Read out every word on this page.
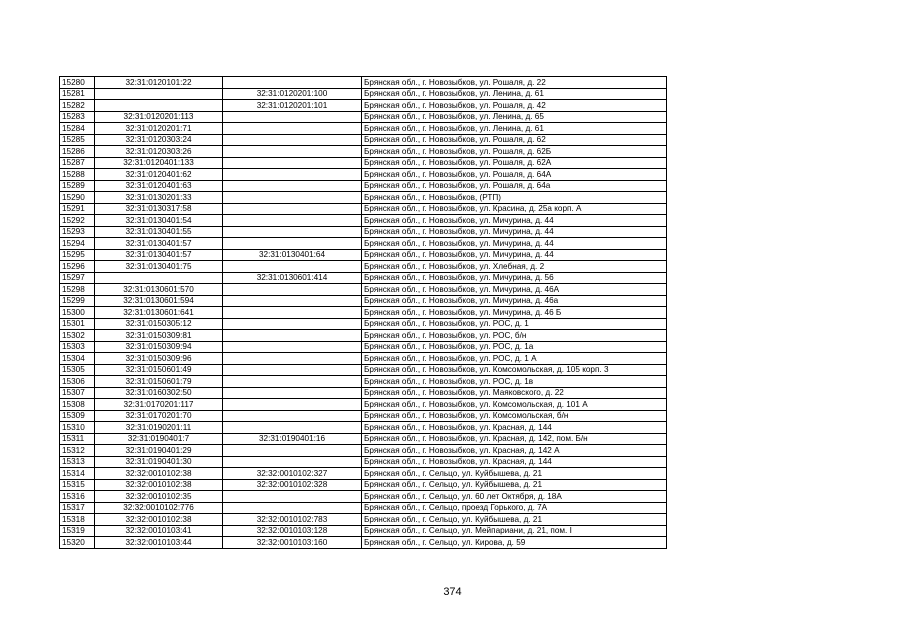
15280	32:31:0120101:22		Брянская обл., г. Новозыбков, ул. Рошаля, д. 22
15281		32:31:0120201:100	Брянская обл., г. Новозыбков, ул. Ленина, д. 61
15282		32:31:0120201:101	Брянская обл., г. Новозыбков, ул. Рошаля, д. 42
15283	32:31:0120201:113		Брянская обл., г. Новозыбков, ул. Ленина, д. 65
15284	32:31:0120201:71		Брянская обл., г. Новозыбков, ул. Ленина, д. 61
15285	32:31:0120303:24		Брянская обл., г. Новозыбков, ул. Рошаля, д. 62
15286	32:31:0120303:26		Брянская обл., г. Новозыбков, ул. Рошаля, д. 62Б
15287	32:31:0120401:133		Брянская обл., г. Новозыбков, ул. Рошаля, д. 62А
15288	32:31:0120401:62		Брянская обл., г. Новозыбков, ул. Рошаля, д. 64А
15289	32:31:0120401:63		Брянская обл., г. Новозыбков, ул. Рошаля, д. 64а
15290	32:31:0130201:33		Брянская обл., г. Новозыбков, (РТП)
15291	32:31:0130317:58		Брянская обл., г. Новозыбков, ул. Красина, д. 25а корп. А
15292	32:31:0130401:54		Брянская обл., г. Новозыбков, ул. Мичурина, д. 44
15293	32:31:0130401:55		Брянская обл., г. Новозыбков, ул. Мичурина, д. 44
15294	32:31:0130401:57		Брянская обл., г. Новозыбков, ул. Мичурина, д. 44
15295	32:31:0130401:57	32:31:0130401:64	Брянская обл., г. Новозыбков, ул. Мичурина, д. 44
15296	32:31:0130401:75		Брянская обл., г. Новозыбков, ул. Хлебная, д. 2
15297		32:31:0130601:414	Брянская обл., г. Новозыбков, ул. Мичурина, д. 56
15298	32:31:0130601:570		Брянская обл., г. Новозыбков, ул. Мичурина, д. 46А
15299	32:31:0130601:594		Брянская обл., г. Новозыбков, ул. Мичурина, д. 46а
15300	32:31:0130601:641		Брянская обл., г. Новозыбков, ул. Мичурина, д. 46 Б
15301	32:31:0150305:12		Брянская обл., г. Новозыбков, ул. РОС, д. 1
15302	32:31:0150309:81		Брянская обл., г. Новозыбков, ул. РОС, б/н
15303	32:31:0150309:94		Брянская обл., г. Новозыбков, ул. РОС, д. 1а
15304	32:31:0150309:96		Брянская обл., г. Новозыбков, ул. РОС, д. 1 А
15305	32:31:0150601:49		Брянская обл., г. Новозыбков, ул. Комсомольская, д. 105 корп. 3
15306	32:31:0150601:79		Брянская обл., г. Новозыбков, ул. РОС, д. 1в
15307	32:31:0160302:50		Брянская обл., г. Новозыбков, ул. Маяковского, д. 22
15308	32:31:0170201:117		Брянская обл., г. Новозыбков, ул. Комсомольская, д. 101 А
15309	32:31:0170201:70		Брянская обл., г. Новозыбков, ул. Комсомольская, б/н
15310	32:31:0190201:11		Брянская обл., г. Новозыбков, ул. Красная, д. 144
15311	32:31:0190401:7	32:31:0190401:16	Брянская обл., г. Новозыбков, ул. Красная, д. 142, пом. Б/н
15312	32:31:0190401:29		Брянская обл., г. Новозыбков, ул. Красная, д. 142 А
15313	32:31:0190401:30		Брянская обл., г. Новозыбков, ул. Красная, д. 144
15314	32:32:0010102:38	32:32:0010102:327	Брянская обл., г. Сельцо, ул. Куйбышева, д. 21
15315	32:32:0010102:38	32:32:0010102:328	Брянская обл., г. Сельцо, ул. Куйбышева, д. 21
15316	32:32:0010102:35		Брянская обл., г. Сельцо, ул. 60 лет Октября, д. 18А
15317	32:32:0010102:776		Брянская обл., г. Сельцо, проезд Горького, д. 7А
15318	32:32:0010102:38	32:32:0010102:783	Брянская обл., г. Сельцо, ул. Куйбышева, д. 21
15319	32:32:0010103:41	32:32:0010103:128	Брянская обл., г. Сельцо, ул. Мейпариани, д. 21, пом. I
15320	32:32:0010103:44	32:32:0010103:160	Брянская обл., г. Сельцо, ул. Кирова, д. 59
374
